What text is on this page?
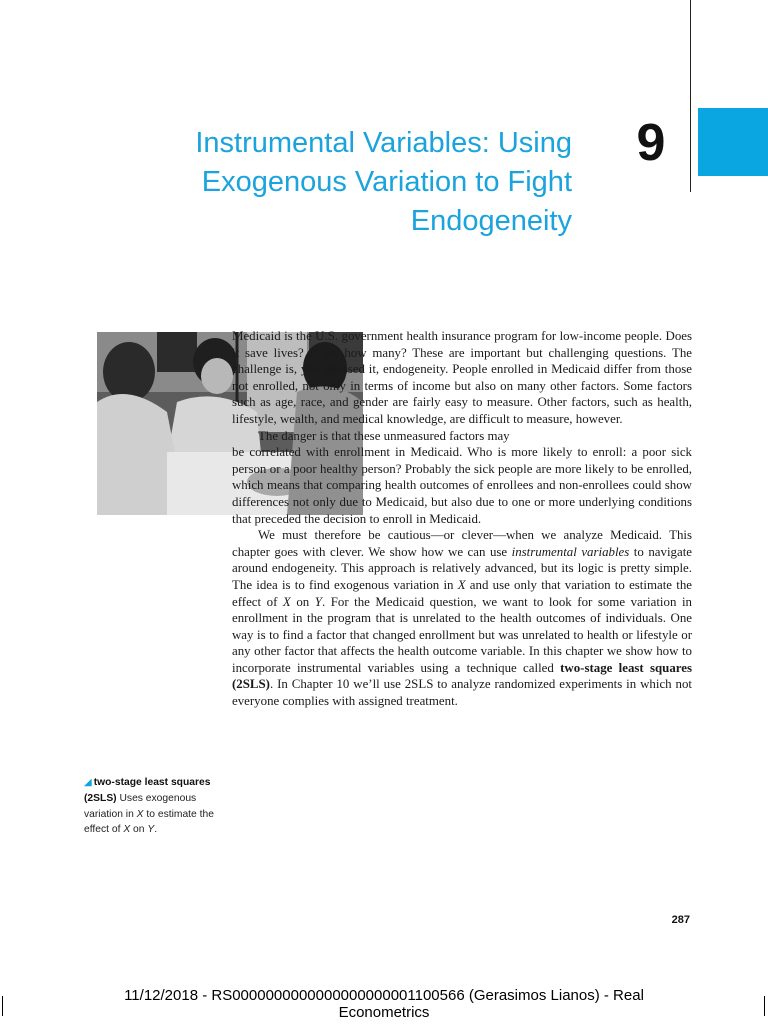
9
Instrumental Variables: Using
Exogenous Variation to Fight
Endogeneity

Medicaid is the U.S. government health insurance program for low-income people. Does it save lives? If so, how many? These are important but challenging questions. The challenge is, you guessed it, endogeneity. People enrolled in Medicaid differ from those not enrolled, not only in terms of income but also on many other factors. Some factors such as age, race, and gender are fairly easy to measure. Other factors, such as health, lifestyle, wealth, and medical knowledge, are difficult to measure, however.

The danger is that these unmeasured factors may

be correlated with enrollment in Medicaid. Who is more likely to enroll: a poor sick person or a poor healthy person? Probably the sick people are more likely to be enrolled, which means that comparing health outcomes of enrollees and non-enrollees could show differences not only due to Medicaid, but also due to one or more underlying conditions that preceded the decision to enroll in Medicaid.

We must therefore be cautious—or clever—when we analyze Medicaid. This chapter goes with clever. We show how we can use instrumental variables to navigate around endogeneity. This approach is relatively advanced, but its logic is pretty simple. The idea is to find exogenous variation in X and use only that variation to estimate the effect of X on Y. For the Medicaid question, we want to look for some variation in enrollment in the program that is unrelated to the health outcomes of individuals. One way is to find a factor that changed enrollment but was unrelated to health or lifestyle or any other factor that affects the health outcome variable. In this chapter we show how to incorporate instrumental variables using a technique called two-stage least squares (2SLS). In Chapter 10 we’ll use 2SLS to analyze randomized experiments in which not everyone complies with assigned treatment.

◢ two-stage least squares (2SLS) Uses exogenous variation in X to estimate the effect of X on Y.
287
11/12/2018 - RS0000000000000000000001100566 (Gerasimos Lianos) - Real
Econometrics
